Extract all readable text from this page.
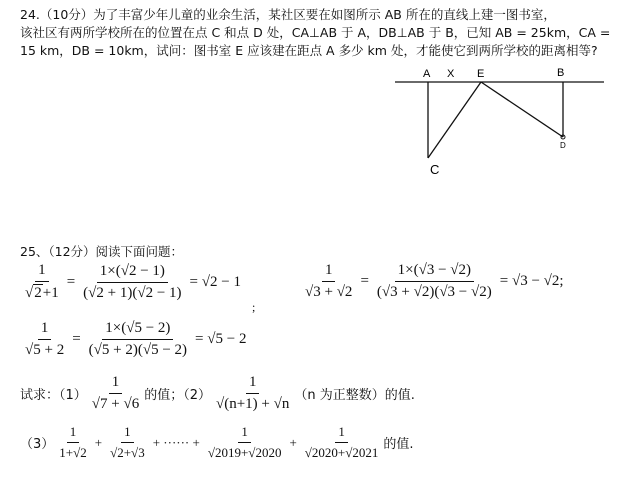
24.（10分）为了丰富少年儿童的业余生活，某社区要在如图所示 AB 所在的直线上建一图书室，
该社区有两所学校所在的位置在点 C 和点 D 处，CA⊥AB 于 A，DB⊥AB 于 B，已知 AB = 25km，CA =
15 km，DB = 10km，试问：图书室 E 应该建在距点 A 多少 km 处，才能使它到两所学校的距离相等?
A X E	B
C
D
25、（12分）阅读下面问题：
$\frac{1}{√ 2 +1} = \frac{1\times(√2 - 1)}{(√2 + 1)(√2 - 1)} = √2 - 1$	$\frac{1}{√3 + √2} = \frac{1\times(√3 - √2)}{(√3 + √2)(√3 - √2)} = √3 - √2$;
;
$\frac{1}{√5 + 2} = \frac{1\times(√5 - 2)}{(√5 + 2)(√5 - 2)} = √5 - 2$
试求：$(1) \frac{1}{√7 + √6}$ 的值；$(2) \frac{1}{√(n+1) + √n} (n$ 为正整数）的值.
$(3) \frac{1}{1+√2} + \frac{1}{√2+√3}$ + ······ + $\frac{1}{√2019+√2020} + \frac{1}{√2020+√2021}$ 的值.
